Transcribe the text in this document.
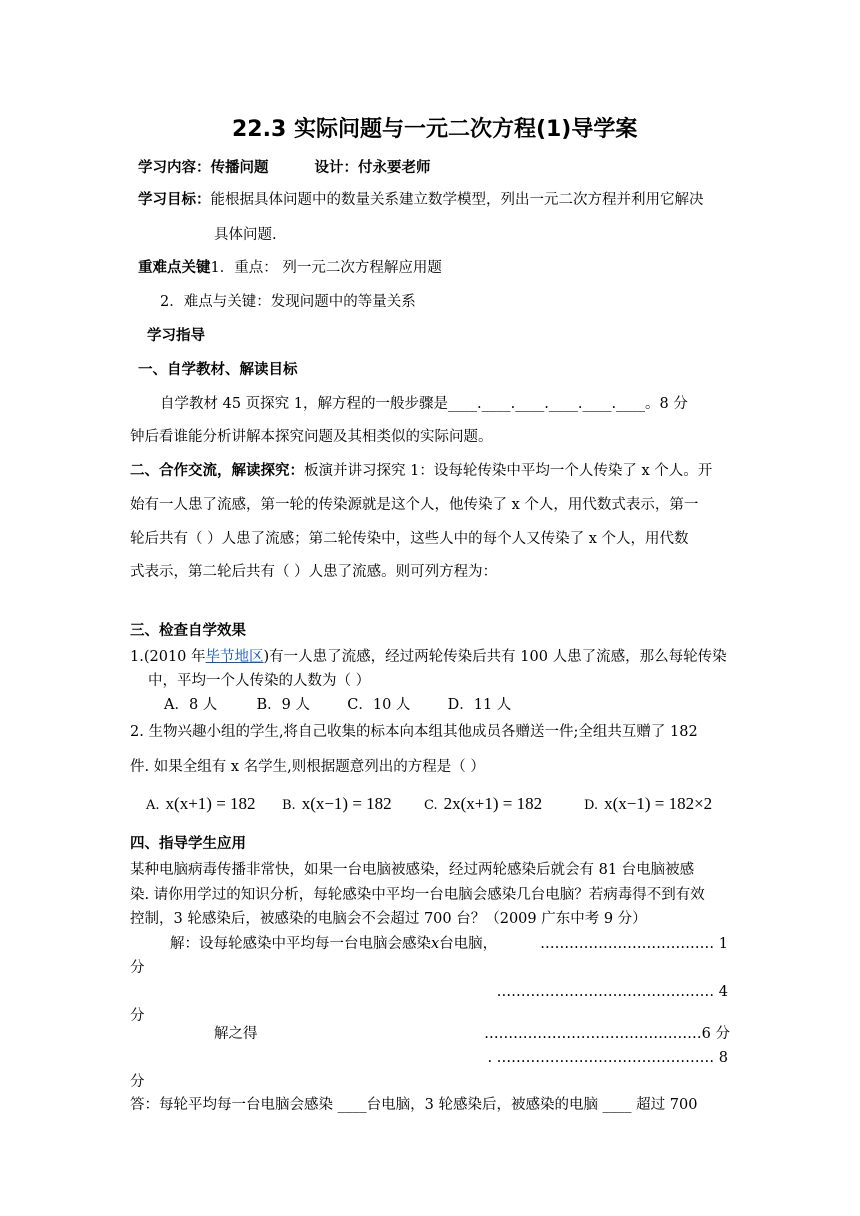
22.3 实际问题与一元二次方程(1)导学案
学习内容：传播问题	设计：付永要老师
学习目标：能根据具体问题中的数量关系建立数学模型，列出一元二次方程并利用它解决
具体问题.
重难点关键1．重点： 列一元二次方程解应用题
2．难点与关键：发现问题中的等量关系
学习指导
一、自学教材、解读目标
自学教材 45 页探究 1，解方程的一般步骤是____.____.____.____.____.____。8 分
钟后看谁能分析讲解本探究问题及其相类似的实际问题。
二、合作交流，解读探究：板演并讲习探究 1：设每轮传染中平均一个人传染了 x 个人。开
始有一人患了流感，第一轮的传染源就是这个人，他传染了 x 个人，用代数式表示，第一
轮后共有（ ）人患了流感；第二轮传染中，这些人中的每个人又传染了 x 个人，用代数
式表示，第二轮后共有（ ）人患了流感。则可列方程为：
三、检查自学效果
1.(2010 年毕节地区)有一人患了流感，经过两轮传染后共有 100 人患了流感，那么每轮传染
中，平均一个人传染的人数为（ ）
A．8 人	B．9 人	C．10 人	D．11 人
2. 生物兴趣小组的学生,将自己收集的标本向本组其他成员各赠送一件;全组共互赠了 182
件. 如果全组有 x 名学生,则根据题意列出的方程是（ ）
A. x(x+1) = 182 B. x(x−1) = 182 C. 2x(x+1) = 182	D. x(x−1) = 182×2
四、指导学生应用
某种电脑病毒传播非常快，如果一台电脑被感染，经过两轮感染后就会有 81 台电脑被感
染. 请你用学过的知识分析，每轮感染中平均一台电脑会感染几台电脑？若病毒得不到有效
控制，3 轮感染后，被感染的电脑会不会超过 700 台？（2009 广东中考 9 分）
解：设每轮感染中平均每一台电脑会感染x台电脑，	……………………………… 1
分
……………………………………… 4
分
解之得	………………………………………6 分
. ……………………………………… 8
分
答：每轮平均每一台电脑会感染 ____台电脑，3 轮感染后，被感染的电脑 ____ 超过 700
